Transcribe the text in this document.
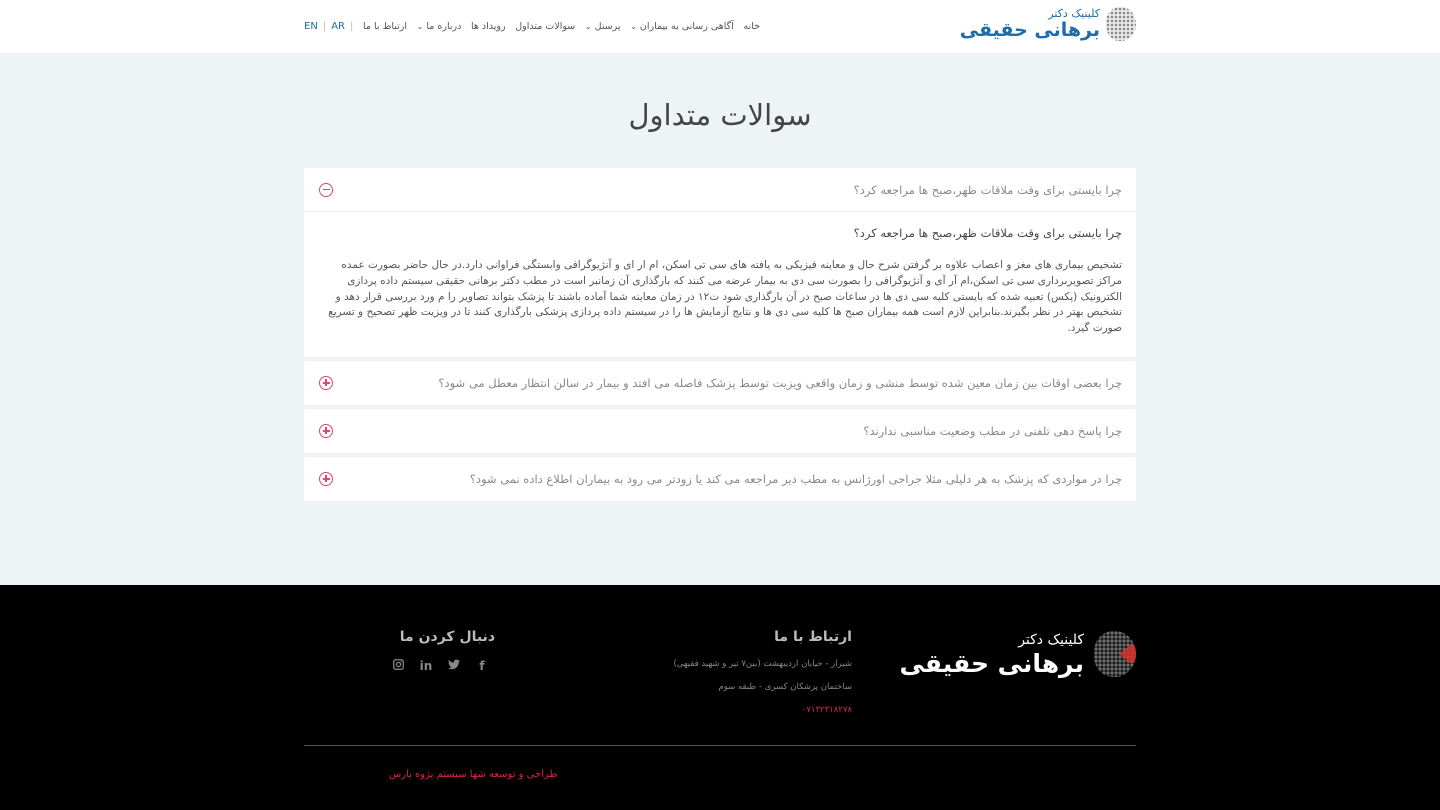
کلینیک دکتر
برهانی حقیقی
خانه
آگاهی رسانی به بیماران⌄
پرسنل⌄
سوالات متداول
رویداد ها
درباره ما⌄
ارتباط با ما
EN | AR |
سوالات متداول
چرا بایستی برای وقت ملاقات ظهر،صبح ها مراجعه کرد؟
چرا بایستی برای وقت ملاقات ظهر،صبح ها مراجعه کرد؟
تشخیص بیماری های مغز و اعصاب علاوه بر گرفتن شرح حال و معاینه فیزیکی به یافته های سی تی اسکن، ام ار ای و آنژیوگرافی وابستگی فراوانی دارد.در حال حاضر بصورت عمده مراکز تصویربرداری سی تی اسکن،ام آر آی و آنژیوگرافی را بصورت سی دی به بیمار عرضه می کنند که بارگذاری آن زمانبر است در مطب دکتر برهانی حقیقی سیستم داده پردازی الکترونیک (پکس) تعبیه شده که بایستی کلیه سی دی ها در ساعات صبح در آن بارگذاری شود ت۱۲ در زمان معاینه شما آماده باشند تا پزشک بتواند تصاویر را م ورد بررسی قرار دهد و تشخیص بهتر در نظر بگیرند.بنابراین لازم است همه بیماران صبح ها کلیه سی دی ها و نتایج آزمایش ها را در سیستم داده پردازی پزشکی بارگذاری کنند تا در ویزیت ظهر تصحیح و تسریع صورت گیرد.
چرا بعضی اوقات بین زمان معین شده توسط منشی و زمان واقعی ویزیت توسط پزشک فاصله می افتد و بیمار در سالن انتظار معطل می شود؟
چرا پاسخ دهی تلفنی در مطب وضعیت مناسبی ندارند؟
چرا در مواردی که پزشک به هر دلیلی مثلا جراحی اورژانس به مطب دیر مراجعه می کند یا زودتر می رود به بیماران اطلاع داده نمی شود؟
کلینیک دکتر
برهانی حقیقی
ارتباط با ما
شیراز - خیابان اردیبهشت (بین۷ تیر و شهید فقیهی)
ساختمان پزشکان کسری - طبقه سوم
۰۷۱۳۲۳۱۸۲۷۸
دنبال کردن ما
f
in
طراحی و توسعه شها سیستم پژوه پارس
